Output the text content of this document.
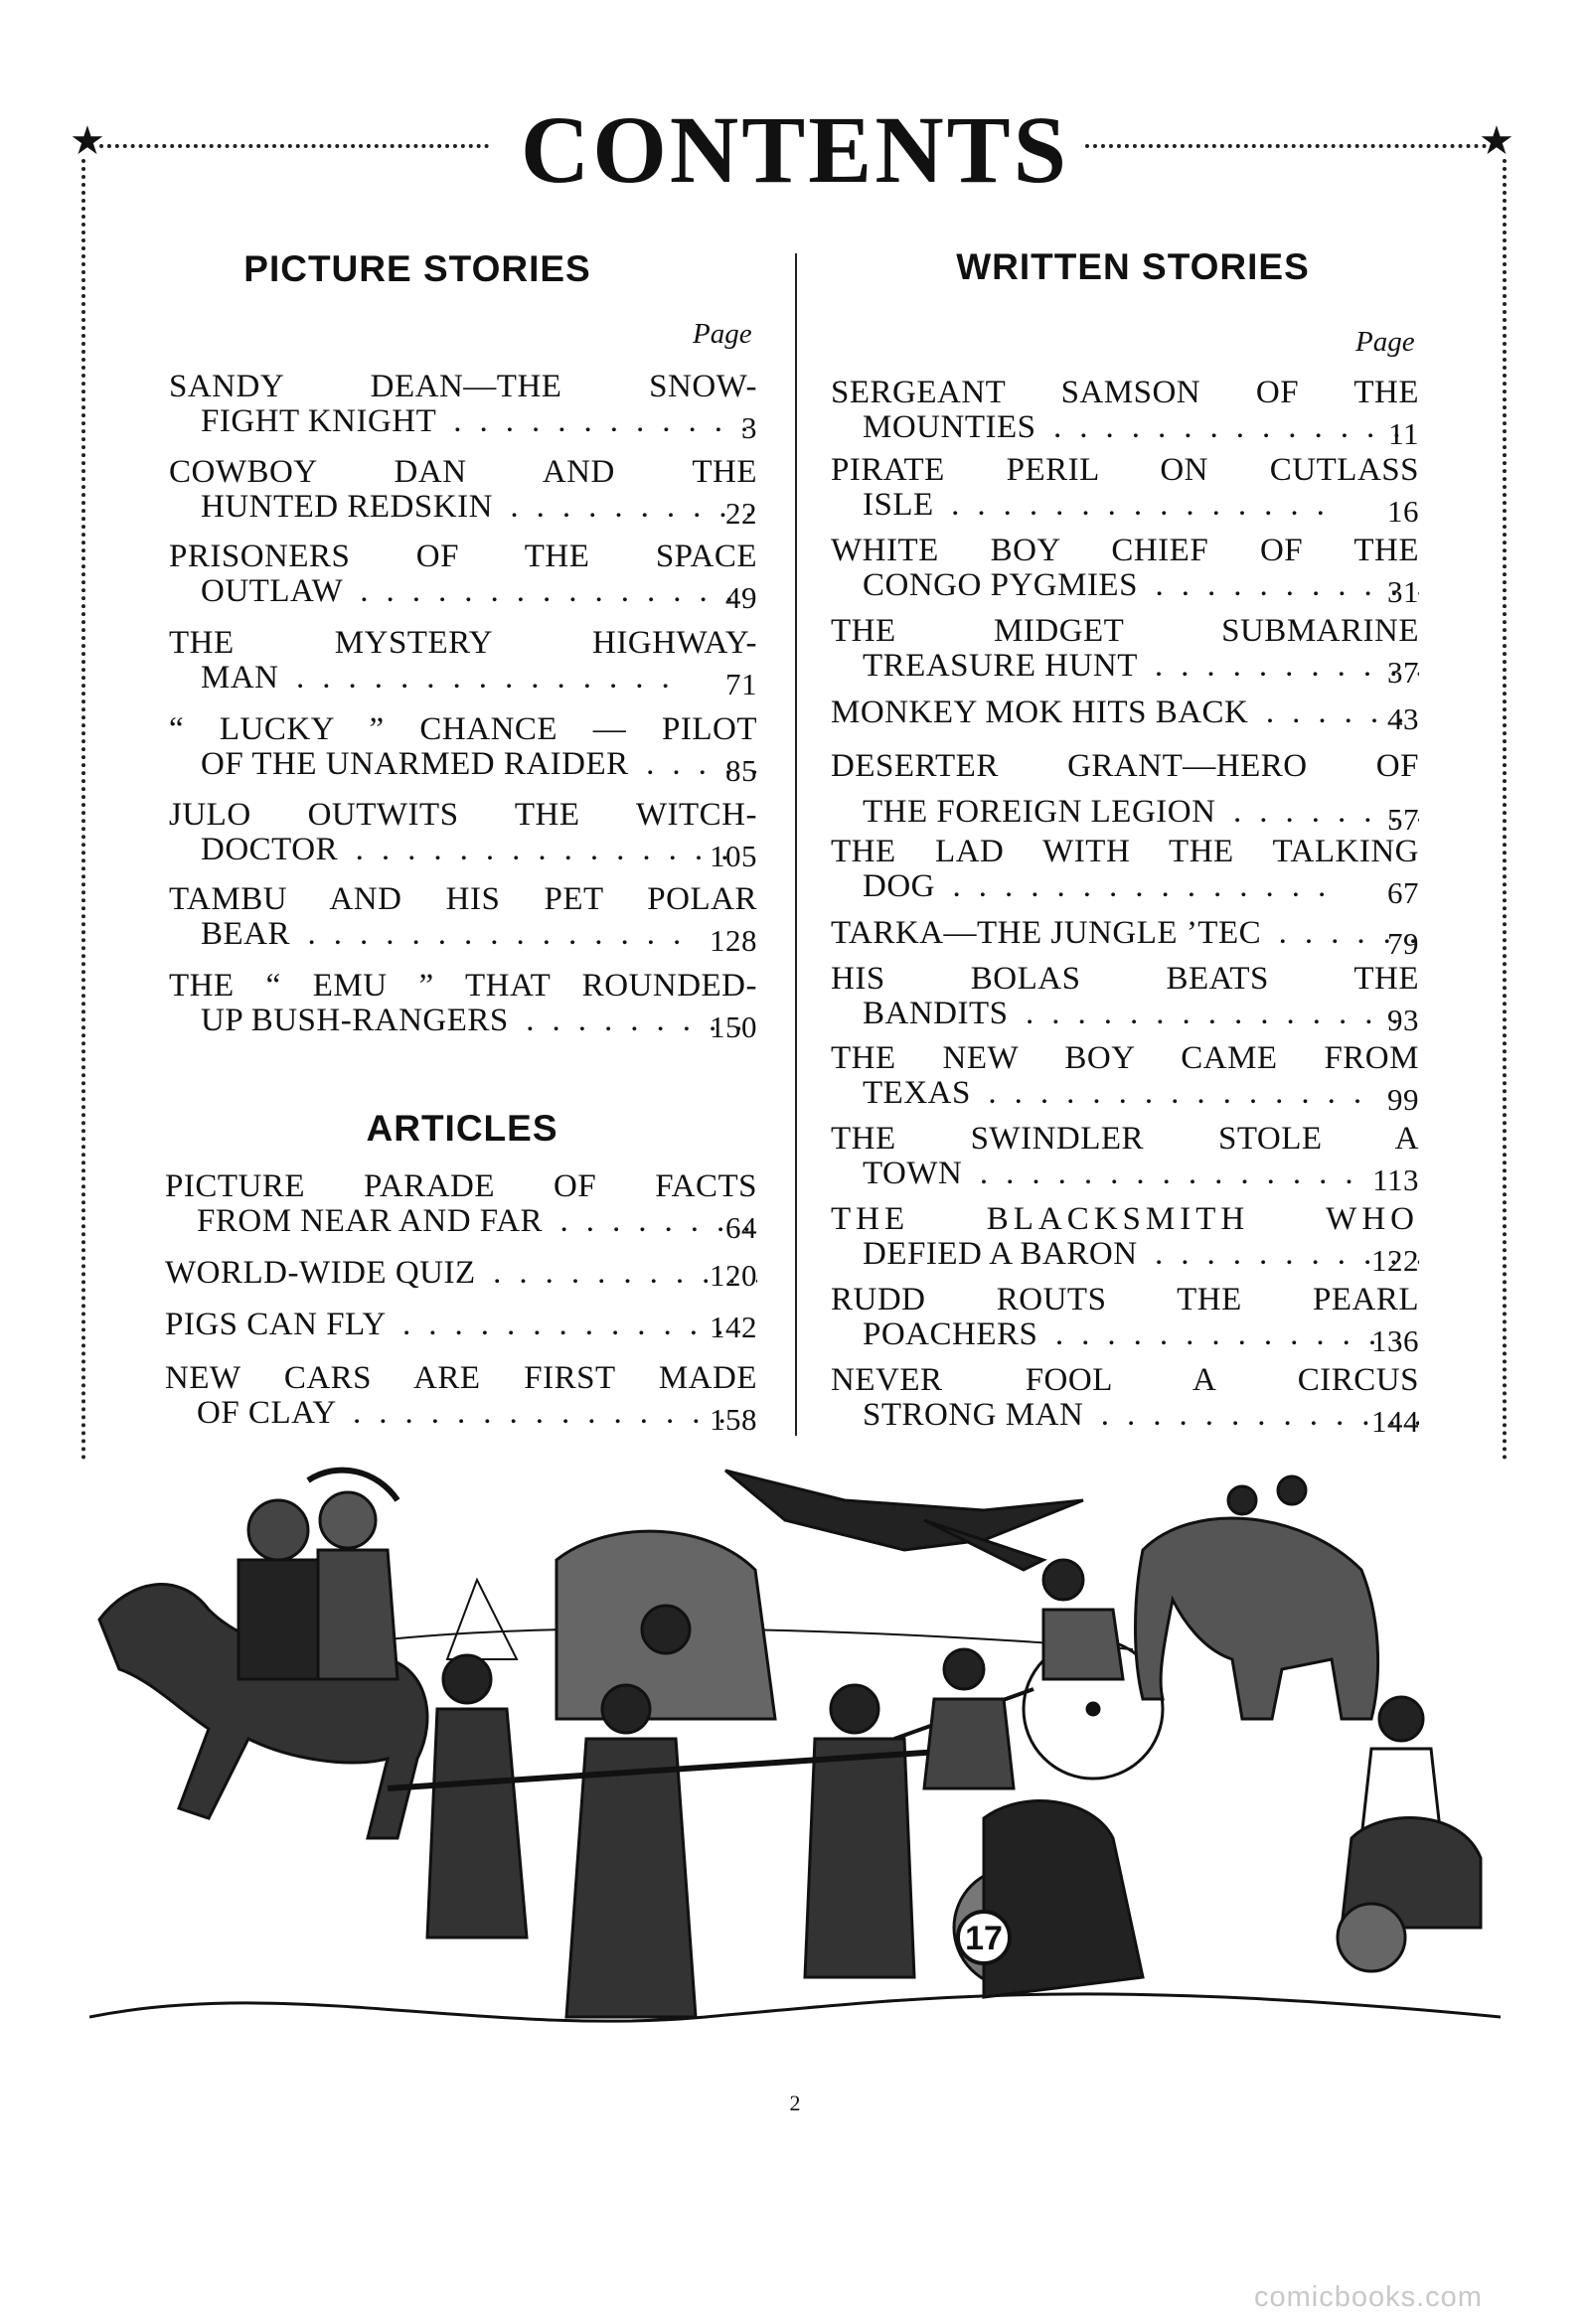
★	CONTENTS	★
PICTURE STORIES
Page
SANDY DEAN—THE SNOW-
FIGHT KNIGHT . .	3
COWBOY DAN AND THE
HUNTED REDSKIN . .	22
PRISONERS OF THE SPACE
OUTLAW . .	49
THE MYSTERY HIGHWAY-
MAN . .	71
“ LUCKY ” CHANCE — PILOT
OF THE UNARMED RAIDER . .	85
JULO OUTWITS THE WITCH-
DOCTOR . .	105
TAMBU AND HIS PET POLAR
BEAR . .	128
THE “ EMU ” THAT ROUNDED-
UP BUSH-RANGERS . .	150
ARTICLES
PICTURE PARADE OF FACTS
FROM NEAR AND FAR . .	64
WORLD-WIDE QUIZ . .	120
PIGS CAN FLY . .	142
NEW CARS ARE FIRST MADE
OF CLAY . .	158
WRITTEN STORIES
Page
SERGEANT SAMSON OF THE
MOUNTIES . .	11
PIRATE PERIL ON CUTLASS
ISLE . .	16
WHITE BOY CHIEF OF THE
CONGO PYGMIES . .	31
THE MIDGET SUBMARINE
TREASURE HUNT . .	37
MONKEY MOK HITS BACK . .	43
DESERTER GRANT—HERO OF
THE FOREIGN LEGION . .	57
THE LAD WITH THE TALKING
DOG . .	67
TARKA—THE JUNGLE ’TEC . .	79
HIS BOLAS BEATS THE
BANDITS . .	93
THE NEW BOY CAME FROM
TEXAS . .	99
THE SWINDLER STOLE A
TOWN . .	113
THE BLACKSMITH WHO
DEFIED A BARON . .	122
RUDD ROUTS THE PEARL
POACHERS . .	136
NEVER FOOL A CIRCUS
STRONG MAN . .	144
17
2
comicbooks.com
